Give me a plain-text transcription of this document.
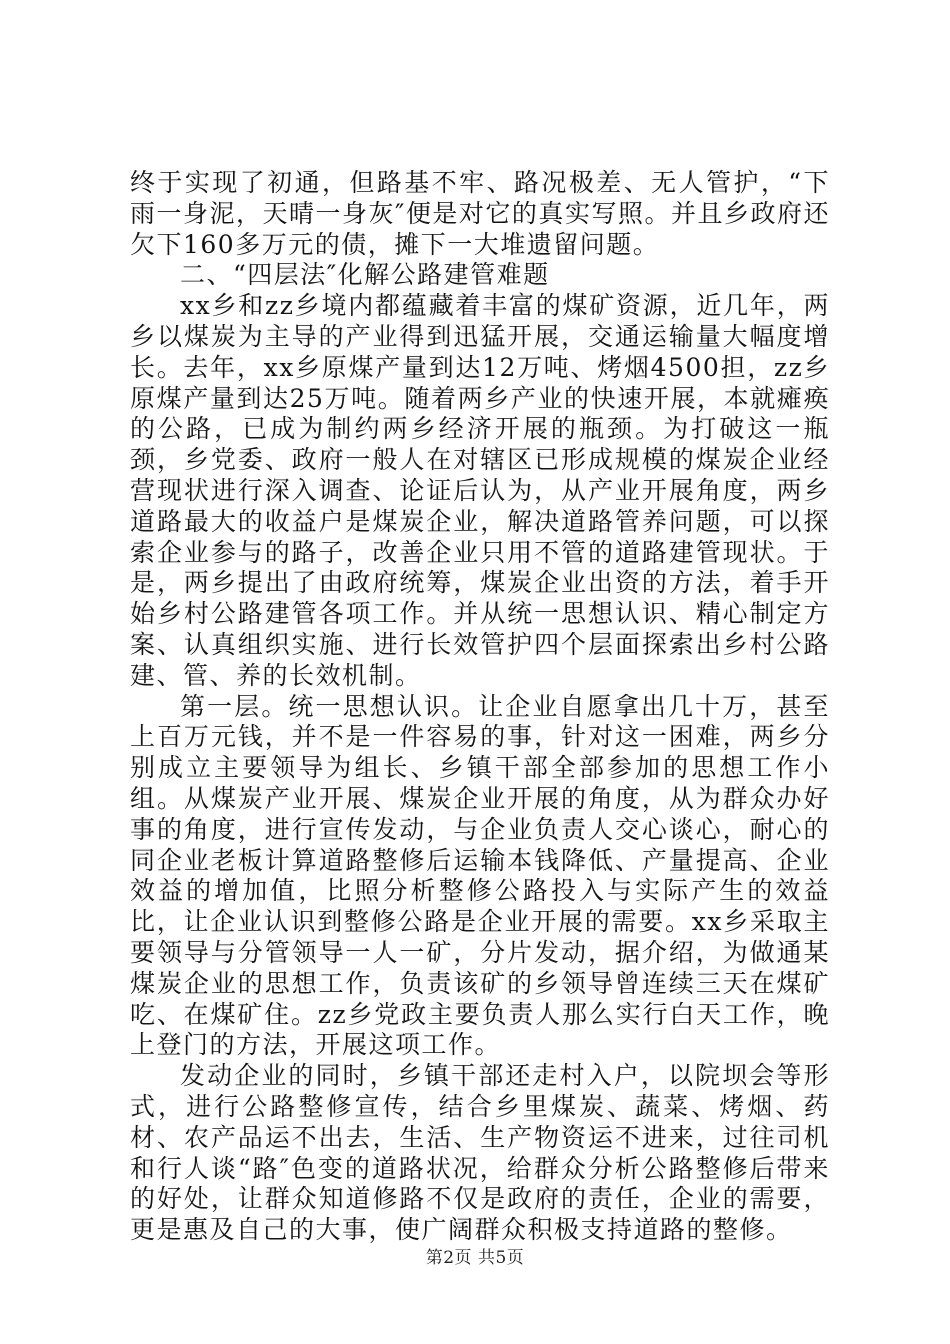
终于实现了初通，但路基不牢、路况极差、无人管护，“下雨一身泥，天晴一身灰″便是对它的真实写照。并且乡政府还欠下160多万元的债，摊下一大堆遗留问题。

二、“四层法″化解公路建管难题

xx乡和zz乡境内都蕴藏着丰富的煤矿资源，近几年，两乡以煤炭为主导的产业得到迅猛开展，交通运输量大幅度增长。去年，xx乡原煤产量到达12万吨、烤烟4500担，zz乡原煤产量到达25万吨。随着两乡产业的快速开展，本就瘫痪的公路，已成为制约两乡经济开展的瓶颈。为打破这一瓶颈，乡党委、政府一般人在对辖区已形成规模的煤炭企业经营现状进行深入调查、论证后认为，从产业开展角度，两乡道路最大的收益户是煤炭企业，解决道路管养问题，可以探索企业参与的路子，改善企业只用不管的道路建管现状。于是，两乡提出了由政府统筹，煤炭企业出资的方法，着手开始乡村公路建管各项工作。并从统一思想认识、精心制定方案、认真组织实施、进行长效管护四个层面探索出乡村公路建、管、养的长效机制。

第一层。统一思想认识。让企业自愿拿出几十万，甚至上百万元钱，并不是一件容易的事，针对这一困难，两乡分别成立主要领导为组长、乡镇干部全部参加的思想工作小组。从煤炭产业开展、煤炭企业开展的角度，从为群众办好事的角度，进行宣传发动，与企业负责人交心谈心，耐心的同企业老板计算道路整修后运输本钱降低、产量提高、企业效益的增加值，比照分析整修公路投入与实际产生的效益比，让企业认识到整修公路是企业开展的需要。xx乡采取主要领导与分管领导一人一矿，分片发动，据介绍，为做通某煤炭企业的思想工作，负责该矿的乡领导曾连续三天在煤矿吃、在煤矿住。zz乡党政主要负责人那么实行白天工作，晚上登门的方法，开展这项工作。

发动企业的同时，乡镇干部还走村入户，以院坝会等形式，进行公路整修宣传，结合乡里煤炭、蔬菜、烤烟、药材、农产品运不出去，生活、生产物资运不进来，过往司机和行人谈“路″色变的道路状况，给群众分析公路整修后带来的好处，让群众知道修路不仅是政府的责任，企业的需要，更是惠及自己的大事，使广阔群众积极支持道路的整修。

第2页 共5页
